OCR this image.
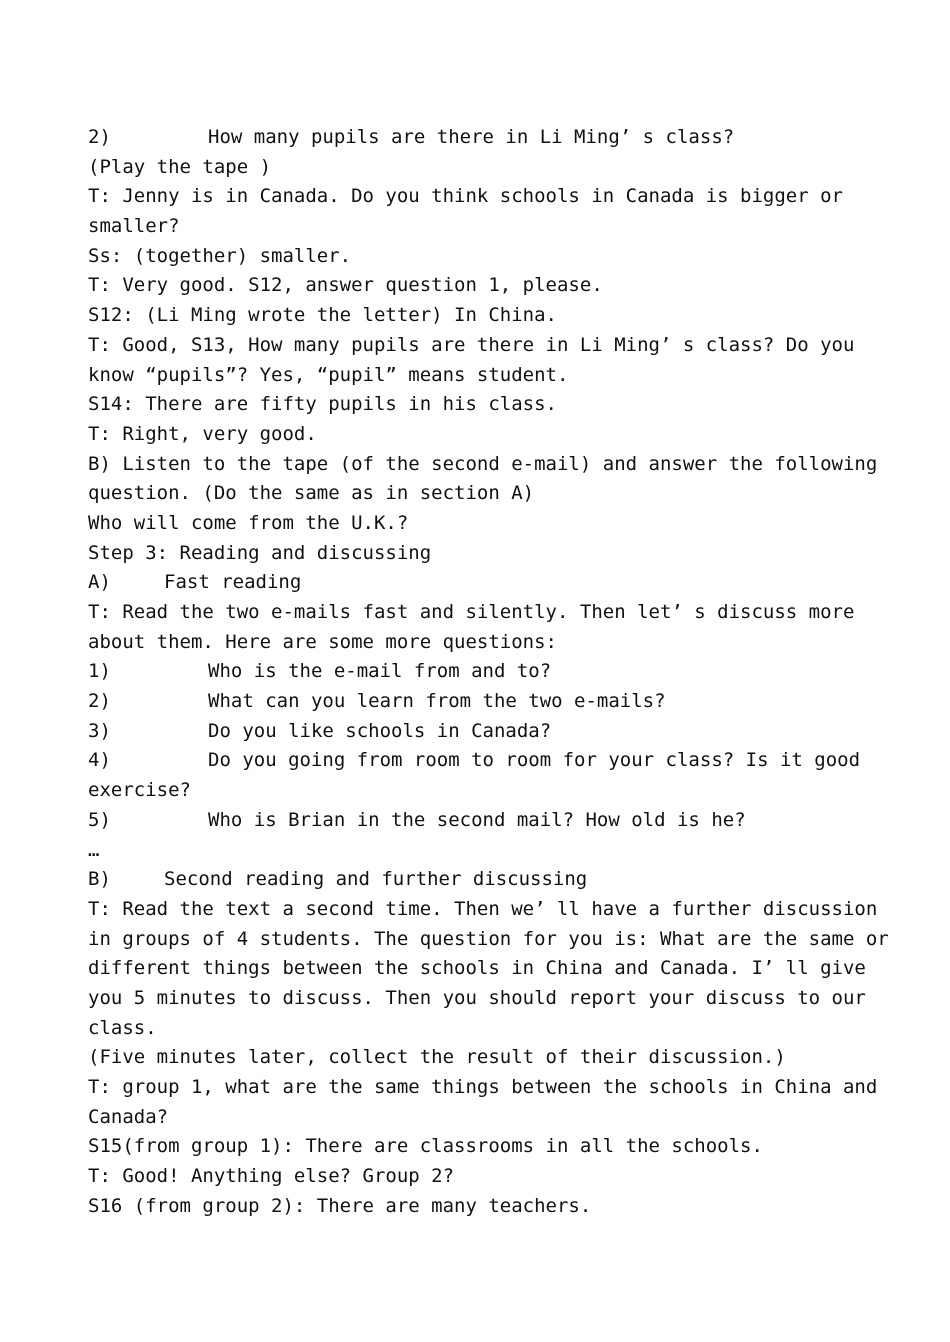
2)	How many pupils are there in Li Ming’ s class?
(Play the tape )
T: Jenny is in Canada. Do you think schools in Canada is bigger or
smaller?
Ss: (together) smaller.
T: Very good. S12, answer question 1, please.
S12: (Li Ming wrote the letter) In China.
T: Good, S13, How many pupils are there in Li Ming’ s class? Do you
know “pupils”? Yes, “pupil” means student.
S14: There are fifty pupils in his class.
T: Right, very good.
B) Listen to the tape (of the second e-mail) and answer the following
question. (Do the same as in section A)
Who will come from the U.K.?
Step 3: Reading and discussing
A)	Fast reading
T: Read the two e-mails fast and silently. Then let’ s discuss more
about them. Here are some more questions:
1)	Who is the e-mail from and to?
2)	What can you learn from the two e-mails?
3)	Do you like schools in Canada?
4)	Do you going from room to room for your class? Is it good
exercise?
5)	Who is Brian in the second mail? How old is he?
…
B)	Second reading and further discussing
T: Read the text a second time. Then we’ ll have a further discussion
in groups of 4 students. The question for you is: What are the same or
different things between the schools in China and Canada. I’ ll give
you 5 minutes to discuss. Then you should report your discuss to our
class.
(Five minutes later, collect the result of their discussion.)
T: group 1, what are the same things between the schools in China and
Canada?
S15(from group 1): There are classrooms in all the schools.
T: Good! Anything else? Group 2?
S16 (from group 2): There are many teachers.
